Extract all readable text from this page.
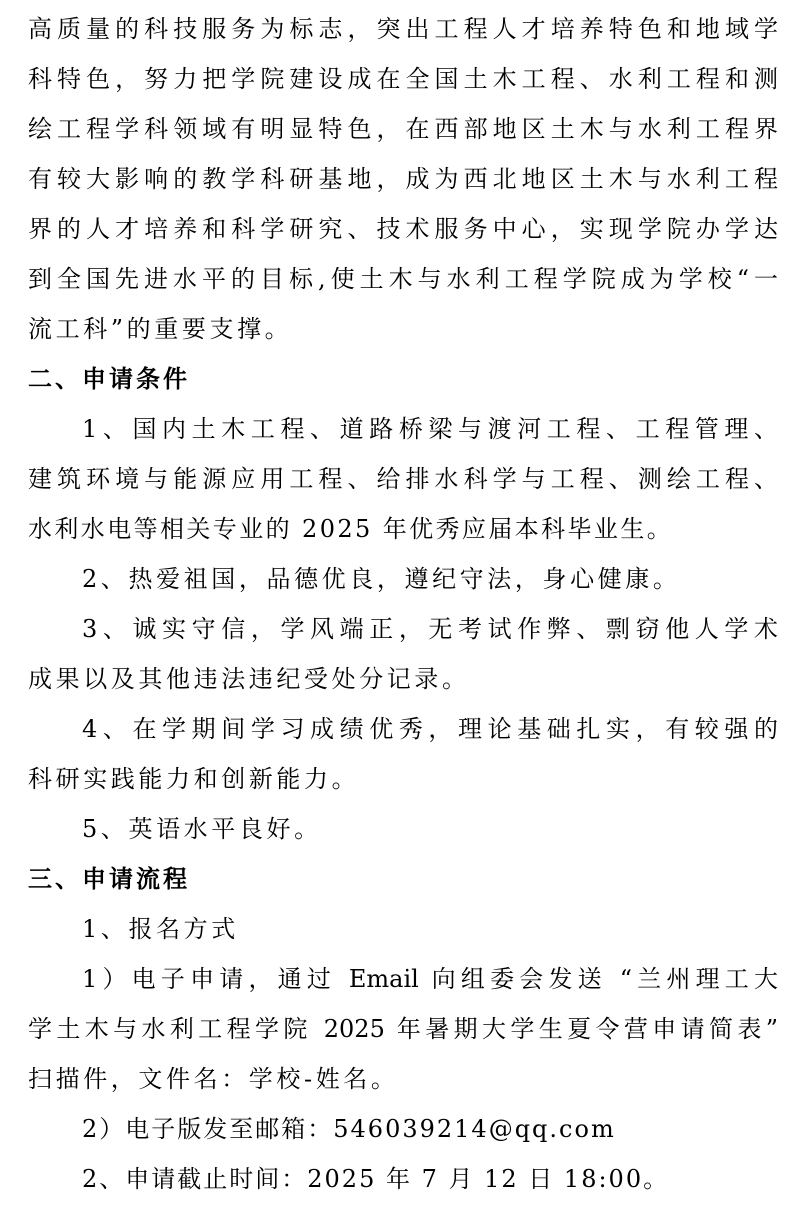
高质量的科技服务为标志，突出工程人才培养特色和地域学
科特色，努力把学院建设成在全国土木工程、水利工程和测
绘工程学科领域有明显特色，在西部地区土木与水利工程界
有较大影响的教学科研基地，成为西北地区土木与水利工程
界的人才培养和科学研究、技术服务中心，实现学院办学达
到全国先进水平的目标,使土木与水利工程学院成为学校“一
流工科”的重要支撑。
二、申请条件
1、国内土木工程、道路桥梁与渡河工程、工程管理、
建筑环境与能源应用工程、给排水科学与工程、测绘工程、
水利水电等相关专业的 2025 年优秀应届本科毕业生。
2、热爱祖国，品德优良，遵纪守法，身心健康。
3、诚实守信，学风端正，无考试作弊、剽窃他人学术
成果以及其他违法违纪受处分记录。
4、在学期间学习成绩优秀，理论基础扎实，有较强的
科研实践能力和创新能力。
5、英语水平良好。
三、申请流程
1、报名方式
1）电子申请，通过 Email 向组委会发送 “兰州理工大
学土木与水利工程学院 2025 年暑期大学生夏令营申请简表”
扫描件，文件名：学校-姓名。
2）电子版发至邮箱：546039214@qq.com
2、申请截止时间：2025 年 7 月 12 日 18:00。
